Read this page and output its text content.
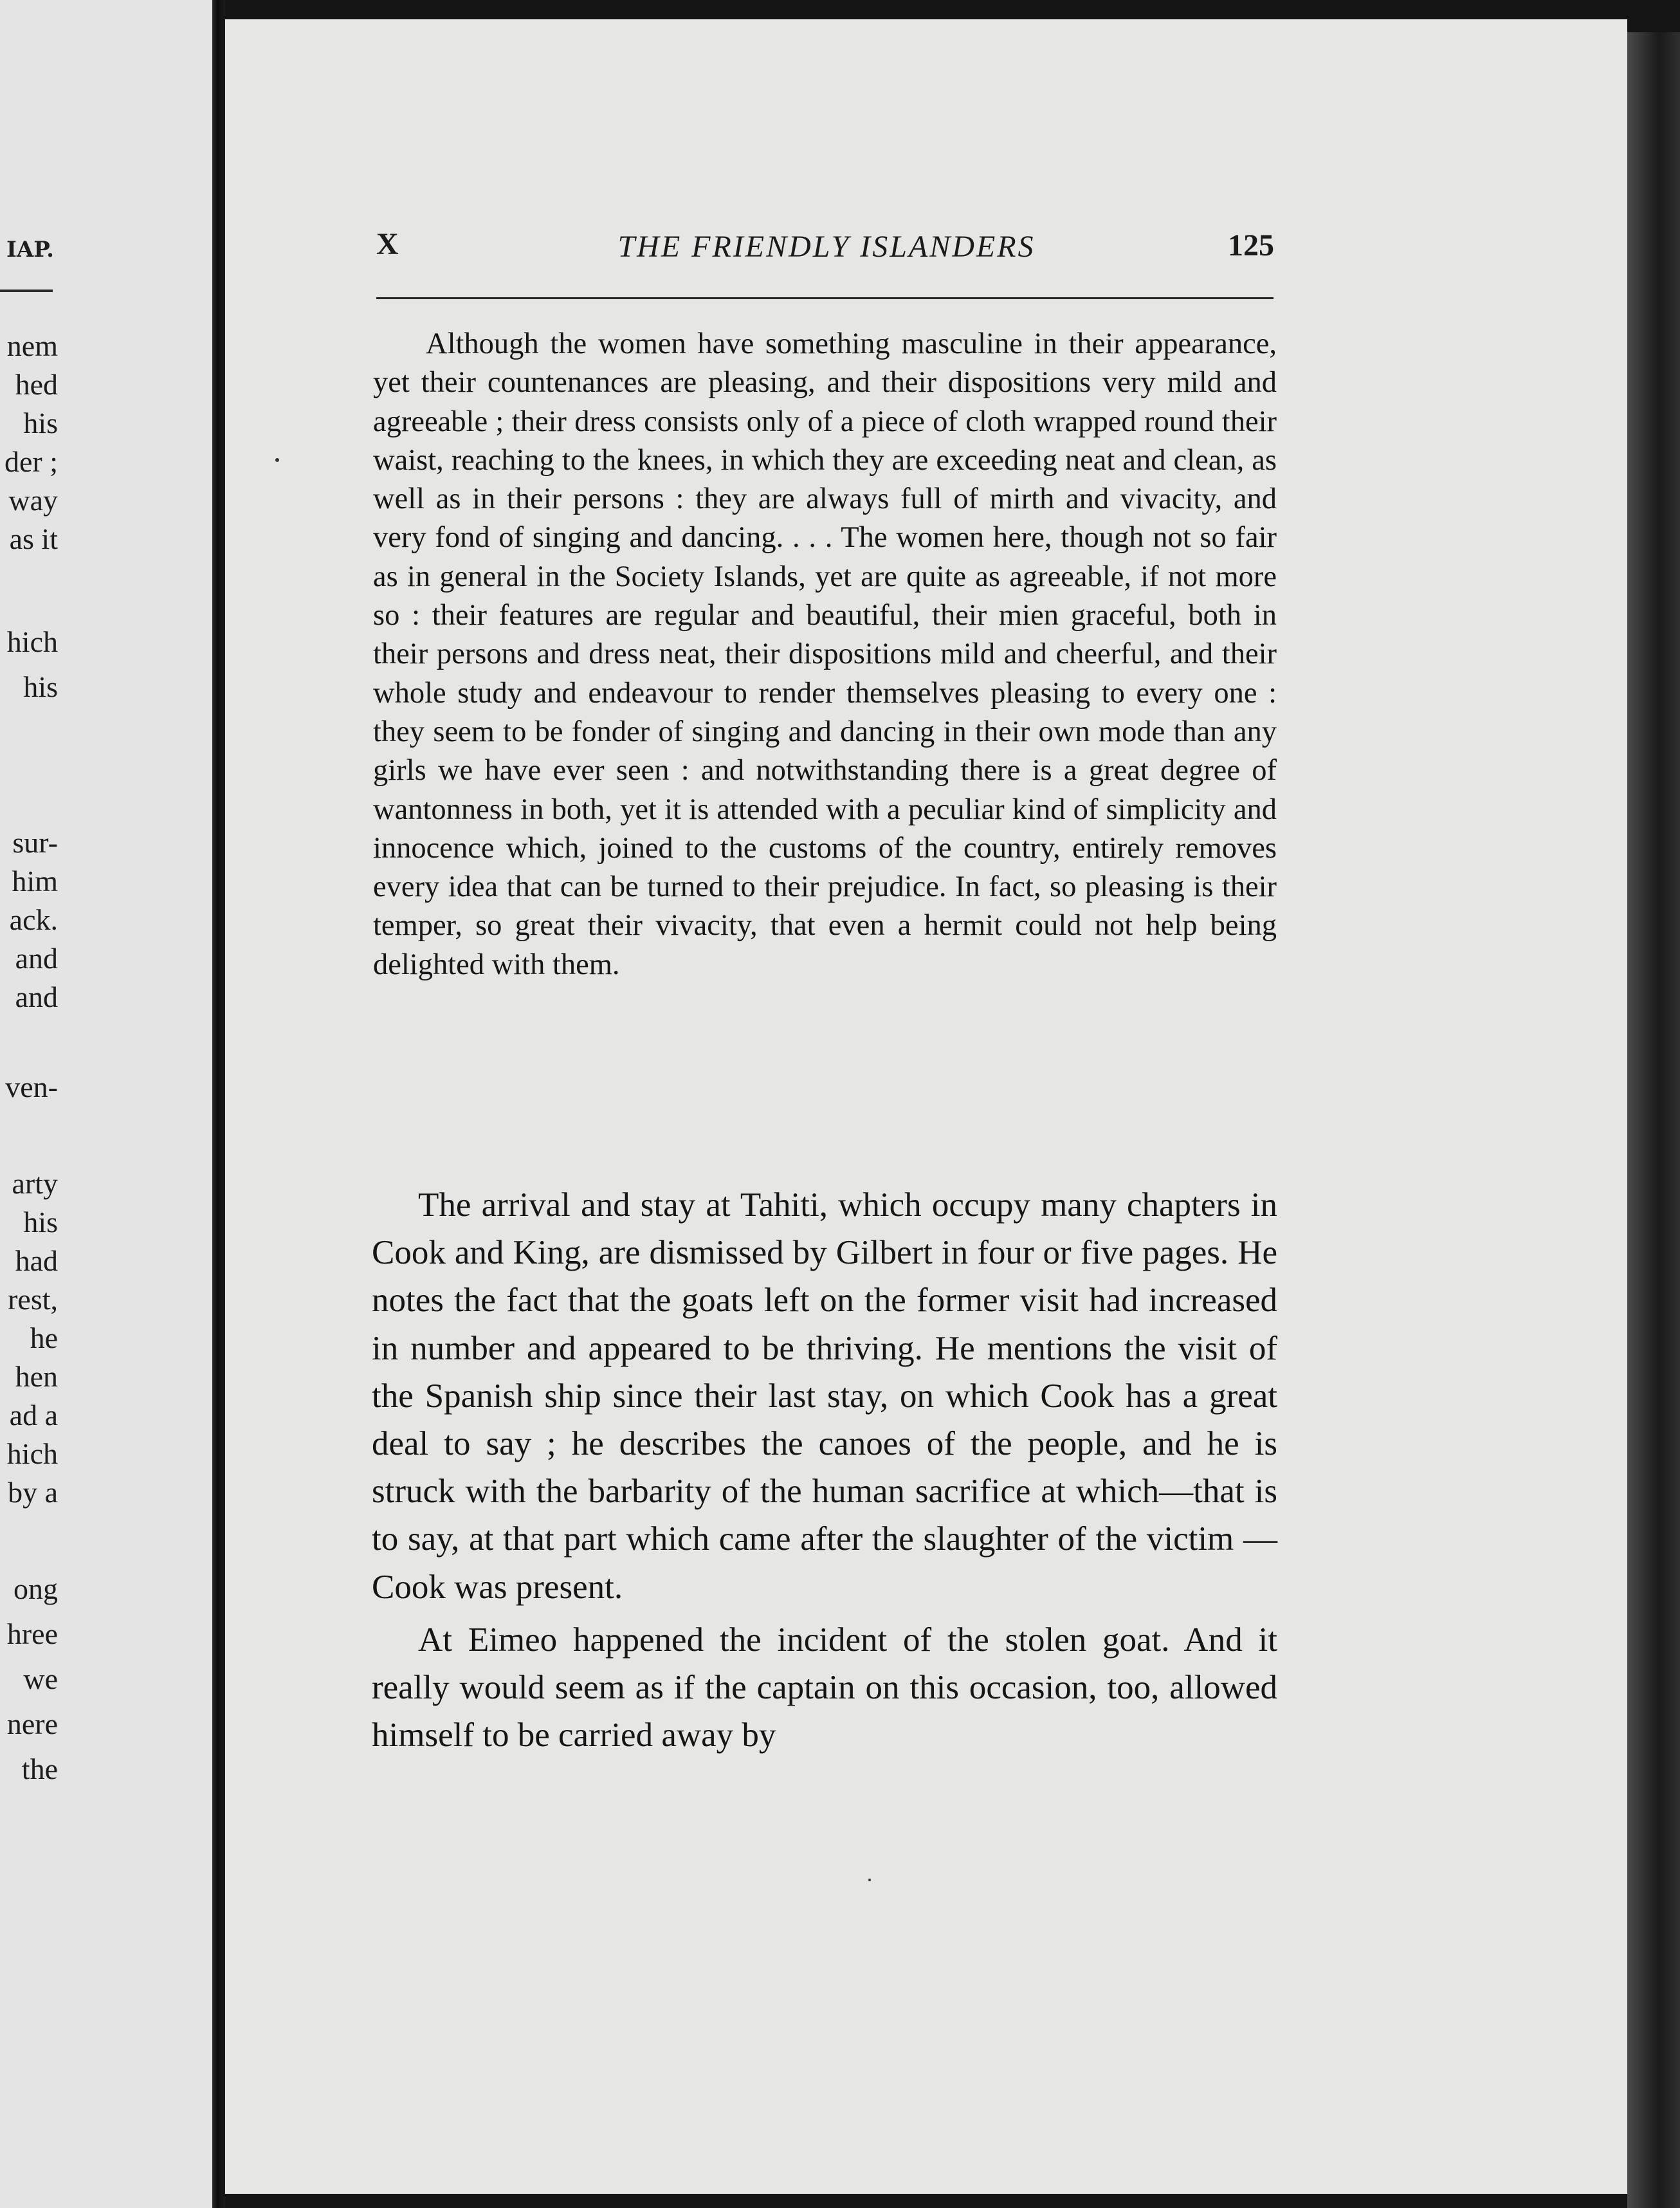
IAP.
nem
hed
his
der ;
way
as it
hich
his
sur-
him
ack.
and
and
ven-
arty
his
had
rest,
he
hen
ad a
hich
by a
ong
hree
we
nere
the
X	THE FRIENDLY ISLANDERS	125

Although the women have something masculine in their appearance, yet their countenances are pleasing, and their dispositions very mild and agreeable ; their dress consists only of a piece of cloth wrapped round their waist, reaching to the knees, in which they are exceeding neat and clean, as well as in their persons : they are always full of mirth and vivacity, and very fond of singing and dancing. . . . The women here, though not so fair as in general in the Society Islands, yet are quite as agreeable, if not more so : their features are regular and beautiful, their mien graceful, both in their persons and dress neat, their dispositions mild and cheerful, and their whole study and endeavour to render themselves pleasing to every one : they seem to be fonder of singing and dancing in their own mode than any girls we have ever seen : and notwithstanding there is a great degree of wantonness in both, yet it is attended with a peculiar kind of simplicity and innocence which, joined to the customs of the country, entirely removes every idea that can be turned to their prejudice. In fact, so pleasing is their temper, so great their vivacity, that even a hermit could not help being delighted with them.

The arrival and stay at Tahiti, which occupy many chapters in Cook and King, are dismissed by Gilbert in four or five pages. He notes the fact that the goats left on the former visit had increased in number and appeared to be thriving. He mentions the visit of the Spanish ship since their last stay, on which Cook has a great deal to say ; he describes the canoes of the people, and he is struck with the barbarity of the human sacrifice at which—that is to say, at that part which came after the slaughter of the victim — Cook was present.

At Eimeo happened the incident of the stolen goat. And it really would seem as if the captain on this occasion, too, allowed himself to be carried away by
